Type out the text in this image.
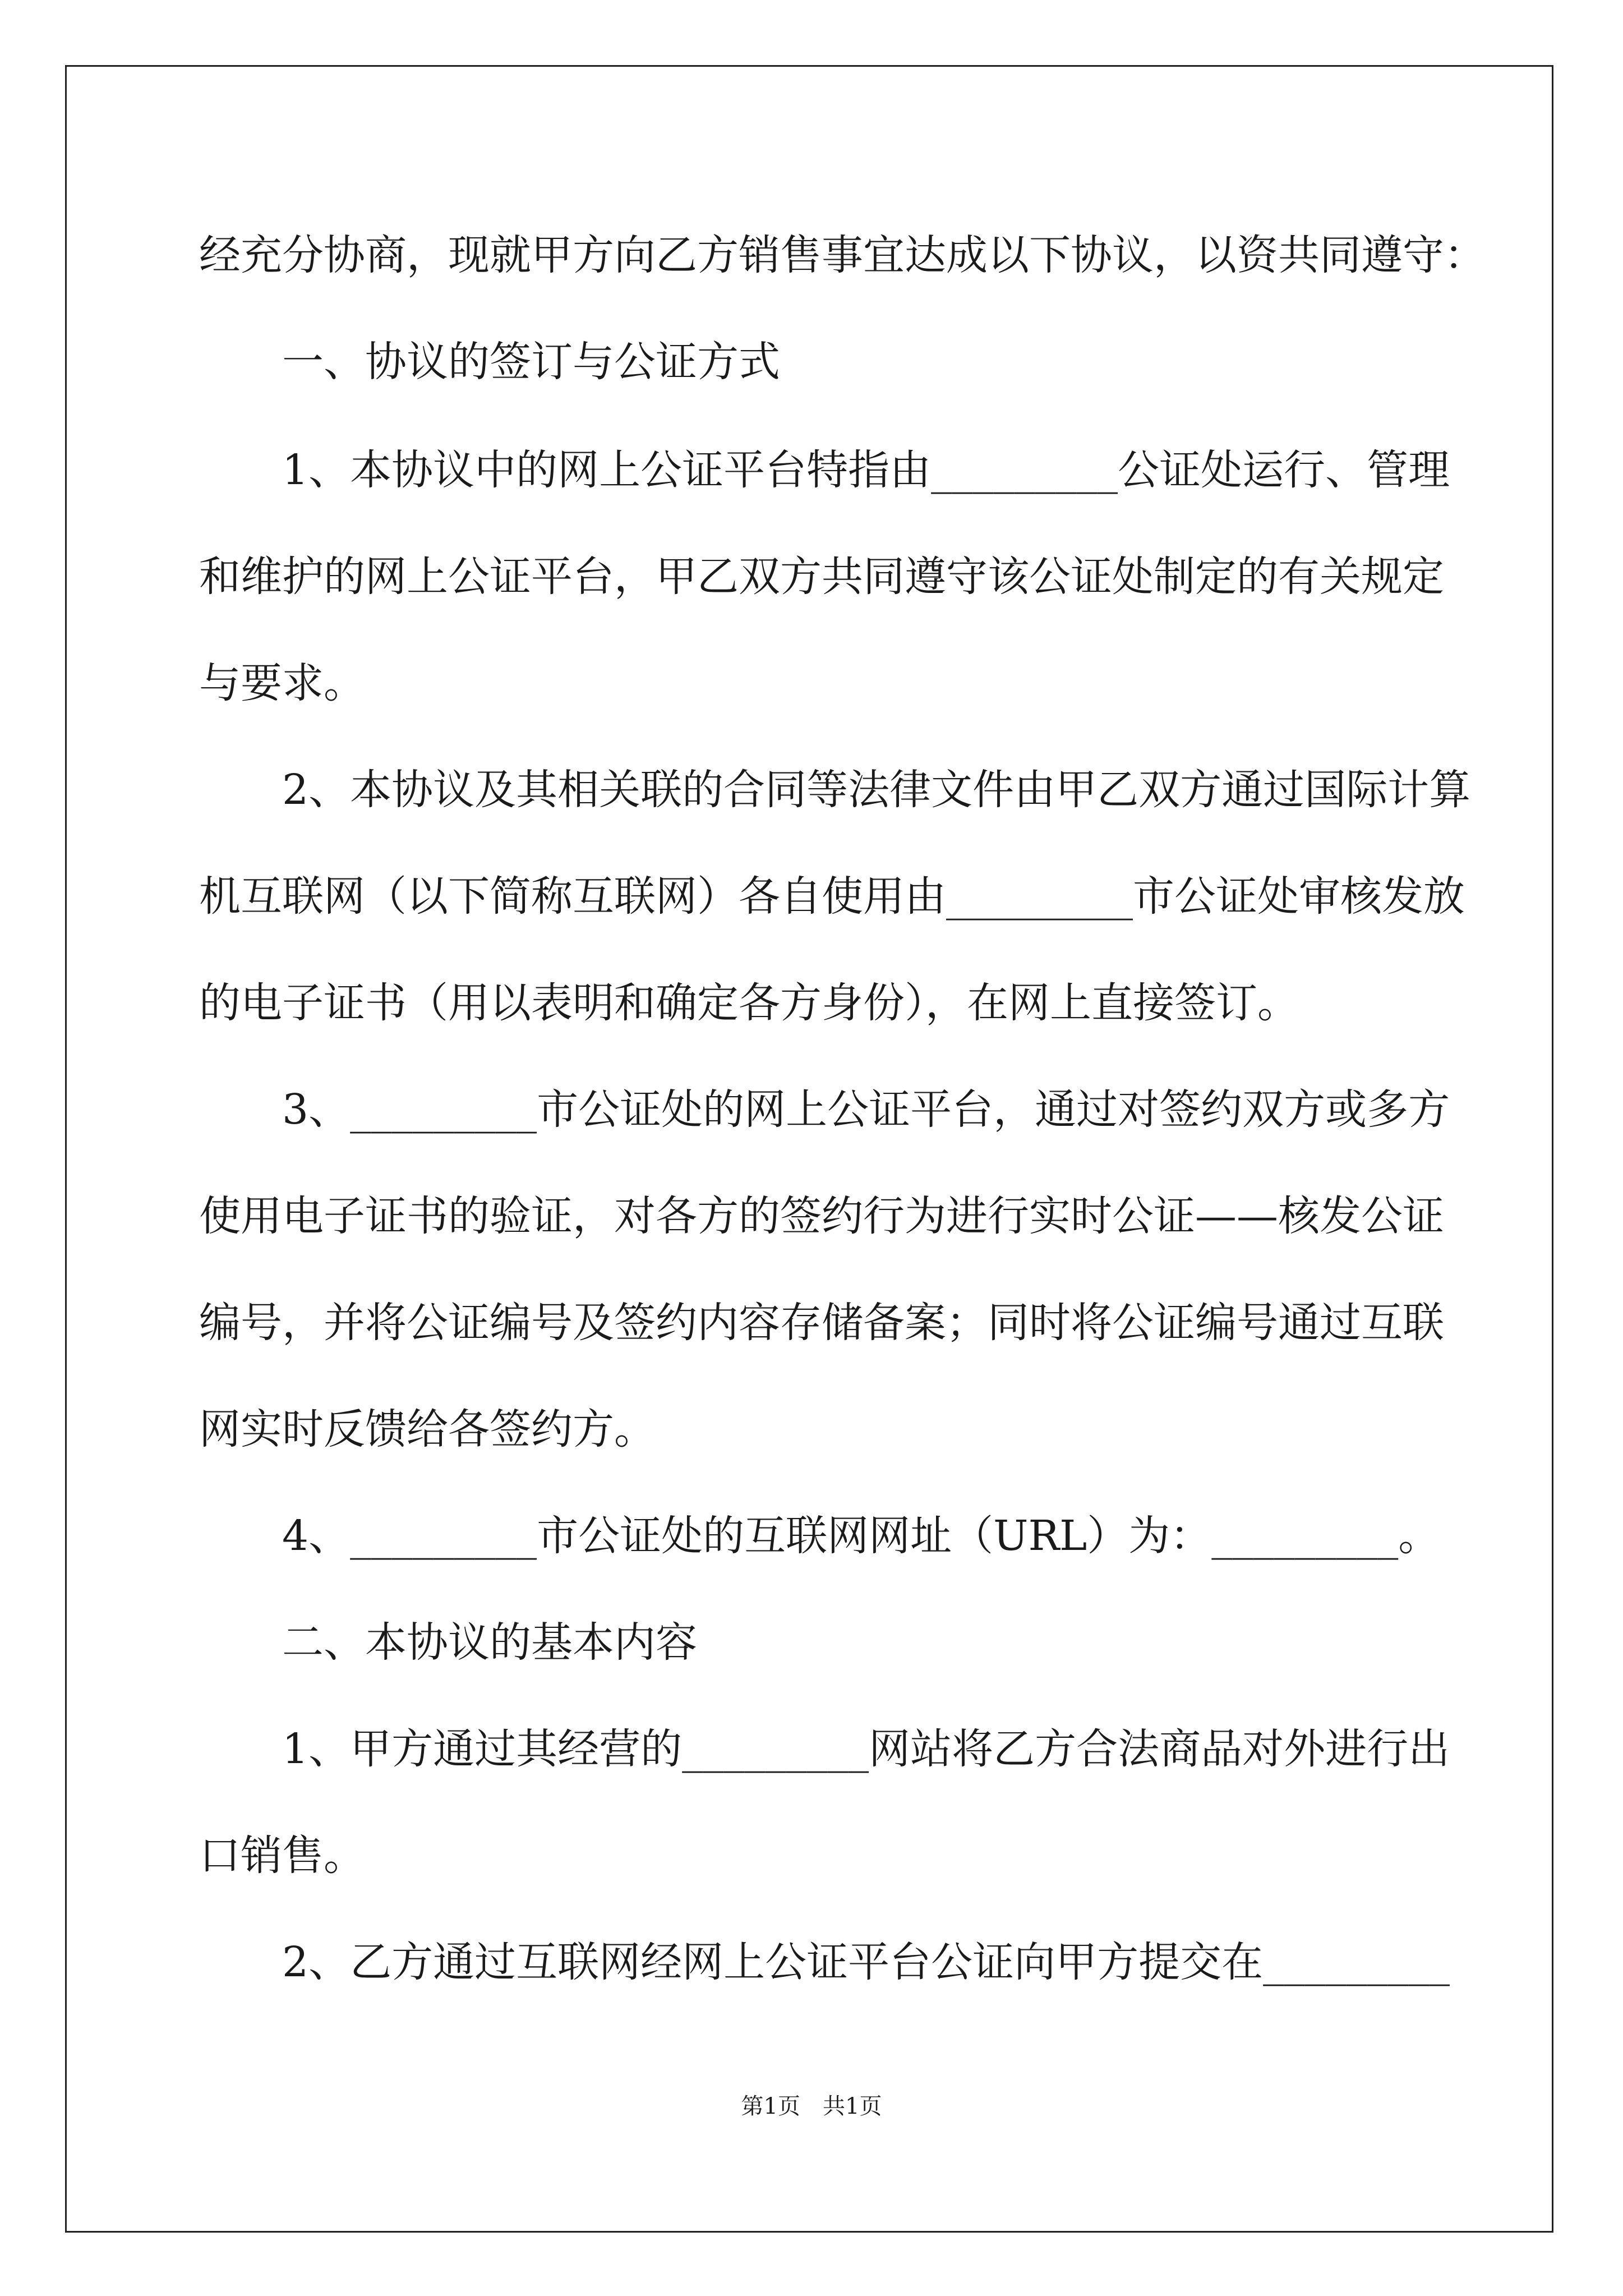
经充分协商，现就甲方向乙方销售事宜达成以下协议，以资共同遵守：
　　一、协议的签订与公证方式
　　1、本协议中的网上公证平台特指由_________公证处运行、管理
和维护的网上公证平台，甲乙双方共同遵守该公证处制定的有关规定
与要求。
　　2、本协议及其相关联的合同等法律文件由甲乙双方通过国际计算
机互联网（以下简称互联网）各自使用由_________市公证处审核发放
的电子证书（用以表明和确定各方身份），在网上直接签订。
　　3、_________市公证处的网上公证平台，通过对签约双方或多方
使用电子证书的验证，对各方的签约行为进行实时公证——核发公证
编号，并将公证编号及签约内容存储备案；同时将公证编号通过互联
网实时反馈给各签约方。
　　4、_________市公证处的互联网网址（URL）为：_________。
　　二、本协议的基本内容
　　1、甲方通过其经营的_________网站将乙方合法商品对外进行出
口销售。
　　2、乙方通过互联网经网上公证平台公证向甲方提交在_________
第1页　共1页
